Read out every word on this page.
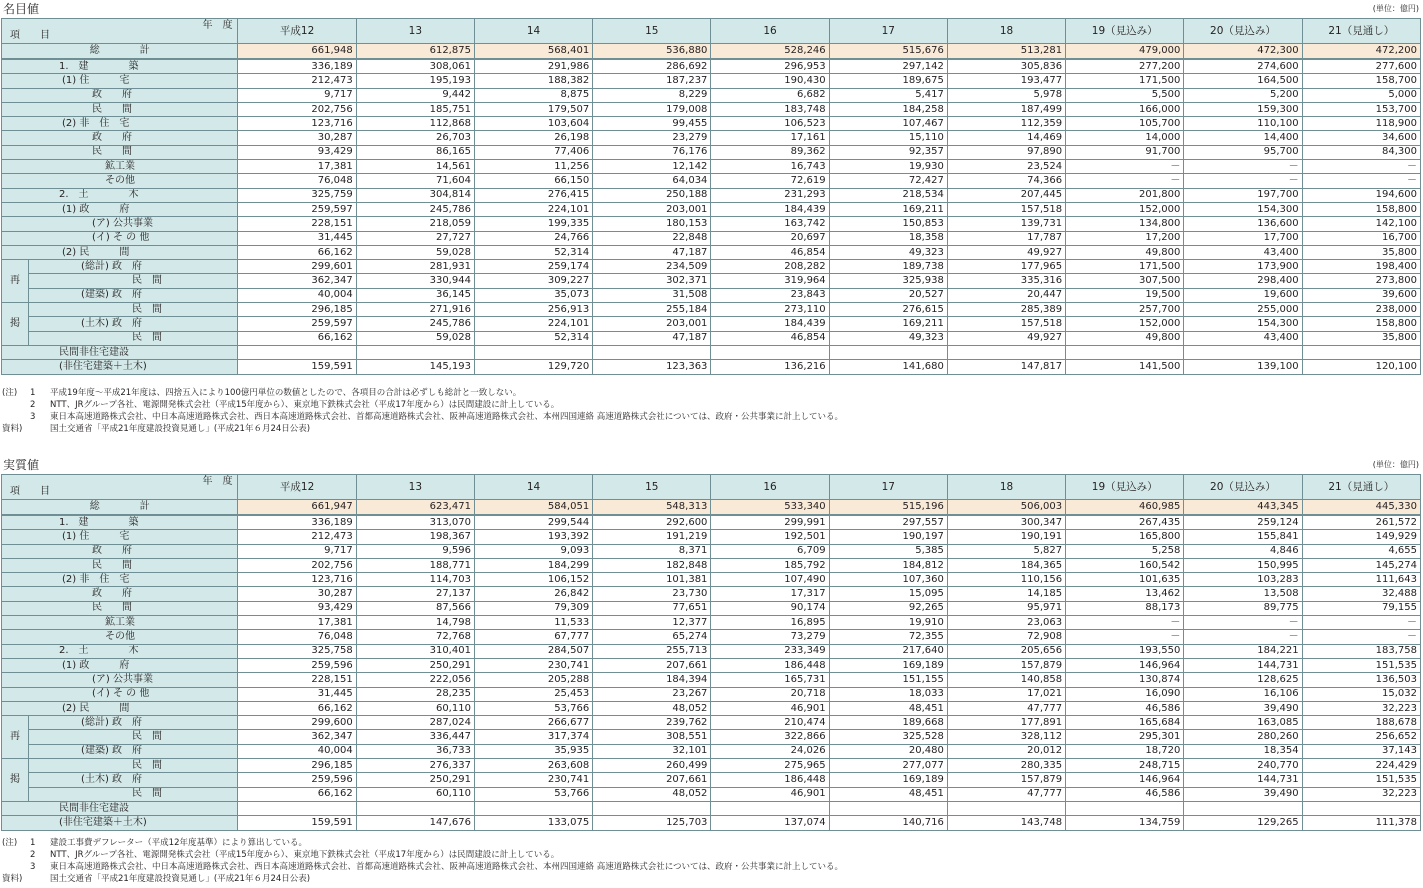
名目値	(単位：億円)
年　度
項　　目		平成12	13	14	15	16	17	18	19（見込み）	20（見込み）	21（見通し）
総　　　　計		661,948	612,875	568,401	536,880	528,246	515,676	513,281	479,000	472,300	472,200
1.　建　　　　築		336,189	308,061	291,986	286,692	296,953	297,142	305,836	277,200	274,600	277,600
(1) 住　　　宅		212,473	195,193	188,382	187,237	190,430	189,675	193,477	171,500	164,500	158,700
政　　府		9,717	9,442	8,875	8,229	6,682	5,417	5,978	5,500	5,200	5,000
民　　間		202,756	185,751	179,507	179,008	183,748	184,258	187,499	166,000	159,300	153,700
(2) 非　住　宅		123,716	112,868	103,604	99,455	106,523	107,467	112,359	105,700	110,100	118,900
政　　府		30,287	26,703	26,198	23,279	17,161	15,110	14,469	14,000	14,400	34,600
民　　間		93,429	86,165	77,406	76,176	89,362	92,357	97,890	91,700	95,700	84,300
鉱工業		17,381	14,561	11,256	12,142	16,743	19,930	23,524	－	－	－
その他		76,048	71,604	66,150	64,034	72,619	72,427	74,366	－	－	－
2.　土　　　　木		325,759	304,814	276,415	250,188	231,293	218,534	207,445	201,800	197,700	194,600
(1) 政　　　府		259,597	245,786	224,101	203,001	184,439	169,211	157,518	152,000	154,300	158,800
(ア) 公共事業		228,151	218,059	199,335	180,153	163,742	150,853	139,731	134,800	136,600	142,100
(イ) そ の 他		31,445	27,727	24,766	22,848	20,697	18,358	17,787	17,200	17,700	16,700
(2) 民　　　間		66,162	59,028	52,314	47,187	46,854	49,323	49,927	49,800	43,400	35,800
再	(総計) 政　府	299,601	281,931	259,174	234,509	208,282	189,738	177,965	171,500	173,900	198,400
	民　間	362,347	330,944	309,227	302,371	319,964	325,938	335,316	307,500	298,400	273,800
	(建築) 政　府	40,004	36,145	35,073	31,508	23,843	20,527	20,447	19,500	19,600	39,600
掲	民　間	296,185	271,916	256,913	255,184	273,110	276,615	285,389	257,700	255,000	238,000
	(土木) 政　府	259,597	245,786	224,101	203,001	184,439	169,211	157,518	152,000	154,300	158,800
	民　間	66,162	59,028	52,314	47,187	46,854	49,323	49,927	49,800	43,400	35,800
民間非住宅建設											
(非住宅建築＋土木)		159,591	145,193	129,720	123,363	136,216	141,680	147,817	141,500	139,100	120,100
(注) 1 平成19年度〜平成21年度は、四捨五入により100億円単位の数値としたので、各項目の合計は必ずしも総計と一致しない。
2 NTT、JRグループ各社、電源開発株式会社（平成15年度から）、東京地下鉄株式会社（平成17年度から）は民間建設に計上している。
3 東日本高速道路株式会社、中日本高速道路株式会社、西日本高速道路株式会社、首都高速道路株式会社、阪神高速道路株式会社、本州四国連絡 高速道路株式会社については、政府・公共事業に計上している。
資料)	国土交通省「平成21年度建設投資見通し」(平成21年６月24日公表)
実質値	(単位：億円)
年　度
項　　目		平成12	13	14	15	16	17	18	19（見込み）	20（見込み）	21（見通し）
総　　　　計		661,947	623,471	584,051	548,313	533,340	515,196	506,003	460,985	443,345	445,330
1.　建　　　　築		336,189	313,070	299,544	292,600	299,991	297,557	300,347	267,435	259,124	261,572
(1) 住　　　宅		212,473	198,367	193,392	191,219	192,501	190,197	190,191	165,800	155,841	149,929
政　　府		9,717	9,596	9,093	8,371	6,709	5,385	5,827	5,258	4,846	4,655
民　　間		202,756	188,771	184,299	182,848	185,792	184,812	184,365	160,542	150,995	145,274
(2) 非　住　宅		123,716	114,703	106,152	101,381	107,490	107,360	110,156	101,635	103,283	111,643
政　　府		30,287	27,137	26,842	23,730	17,317	15,095	14,185	13,462	13,508	32,488
民　　間		93,429	87,566	79,309	77,651	90,174	92,265	95,971	88,173	89,775	79,155
鉱工業		17,381	14,798	11,533	12,377	16,895	19,910	23,063	－	－	－
その他		76,048	72,768	67,777	65,274	73,279	72,355	72,908	－	－	－
2.　土　　　　木		325,758	310,401	284,507	255,713	233,349	217,640	205,656	193,550	184,221	183,758
(1) 政　　　府		259,596	250,291	230,741	207,661	186,448	169,189	157,879	146,964	144,731	151,535
(ア) 公共事業		228,151	222,056	205,288	184,394	165,731	151,155	140,858	130,874	128,625	136,503
(イ) そ の 他		31,445	28,235	25,453	23,267	20,718	18,033	17,021	16,090	16,106	15,032
(2) 民　　　間		66,162	60,110	53,766	48,052	46,901	48,451	47,777	46,586	39,490	32,223
再	(総計) 政　府	299,600	287,024	266,677	239,762	210,474	189,668	177,891	165,684	163,085	188,678
	民　間	362,347	336,447	317,374	308,551	322,866	325,528	328,112	295,301	280,260	256,652
	(建築) 政　府	40,004	36,733	35,935	32,101	24,026	20,480	20,012	18,720	18,354	37,143
掲	民　間	296,185	276,337	263,608	260,499	275,965	277,077	280,335	248,715	240,770	224,429
	(土木) 政　府	259,596	250,291	230,741	207,661	186,448	169,189	157,879	146,964	144,731	151,535
	民　間	66,162	60,110	53,766	48,052	46,901	48,451	47,777	46,586	39,490	32,223
民間非住宅建設											
(非住宅建築＋土木)		159,591	147,676	133,075	125,703	137,074	140,716	143,748	134,759	129,265	111,378
(注) 1 建設工事費デフレーター（平成12年度基準）により算出している。
2 NTT、JRグループ各社、電源開発株式会社（平成15年度から）、東京地下鉄株式会社（平成17年度から）は民間建設に計上している。
3 東日本高速道路株式会社、中日本高速道路株式会社、西日本高速道路株式会社、首都高速道路株式会社、阪神高速道路株式会社、本州四国連絡 高速道路株式会社については、政府・公共事業に計上している。
資料)	国土交通省「平成21年度建設投資見通し」(平成21年６月24日公表)
